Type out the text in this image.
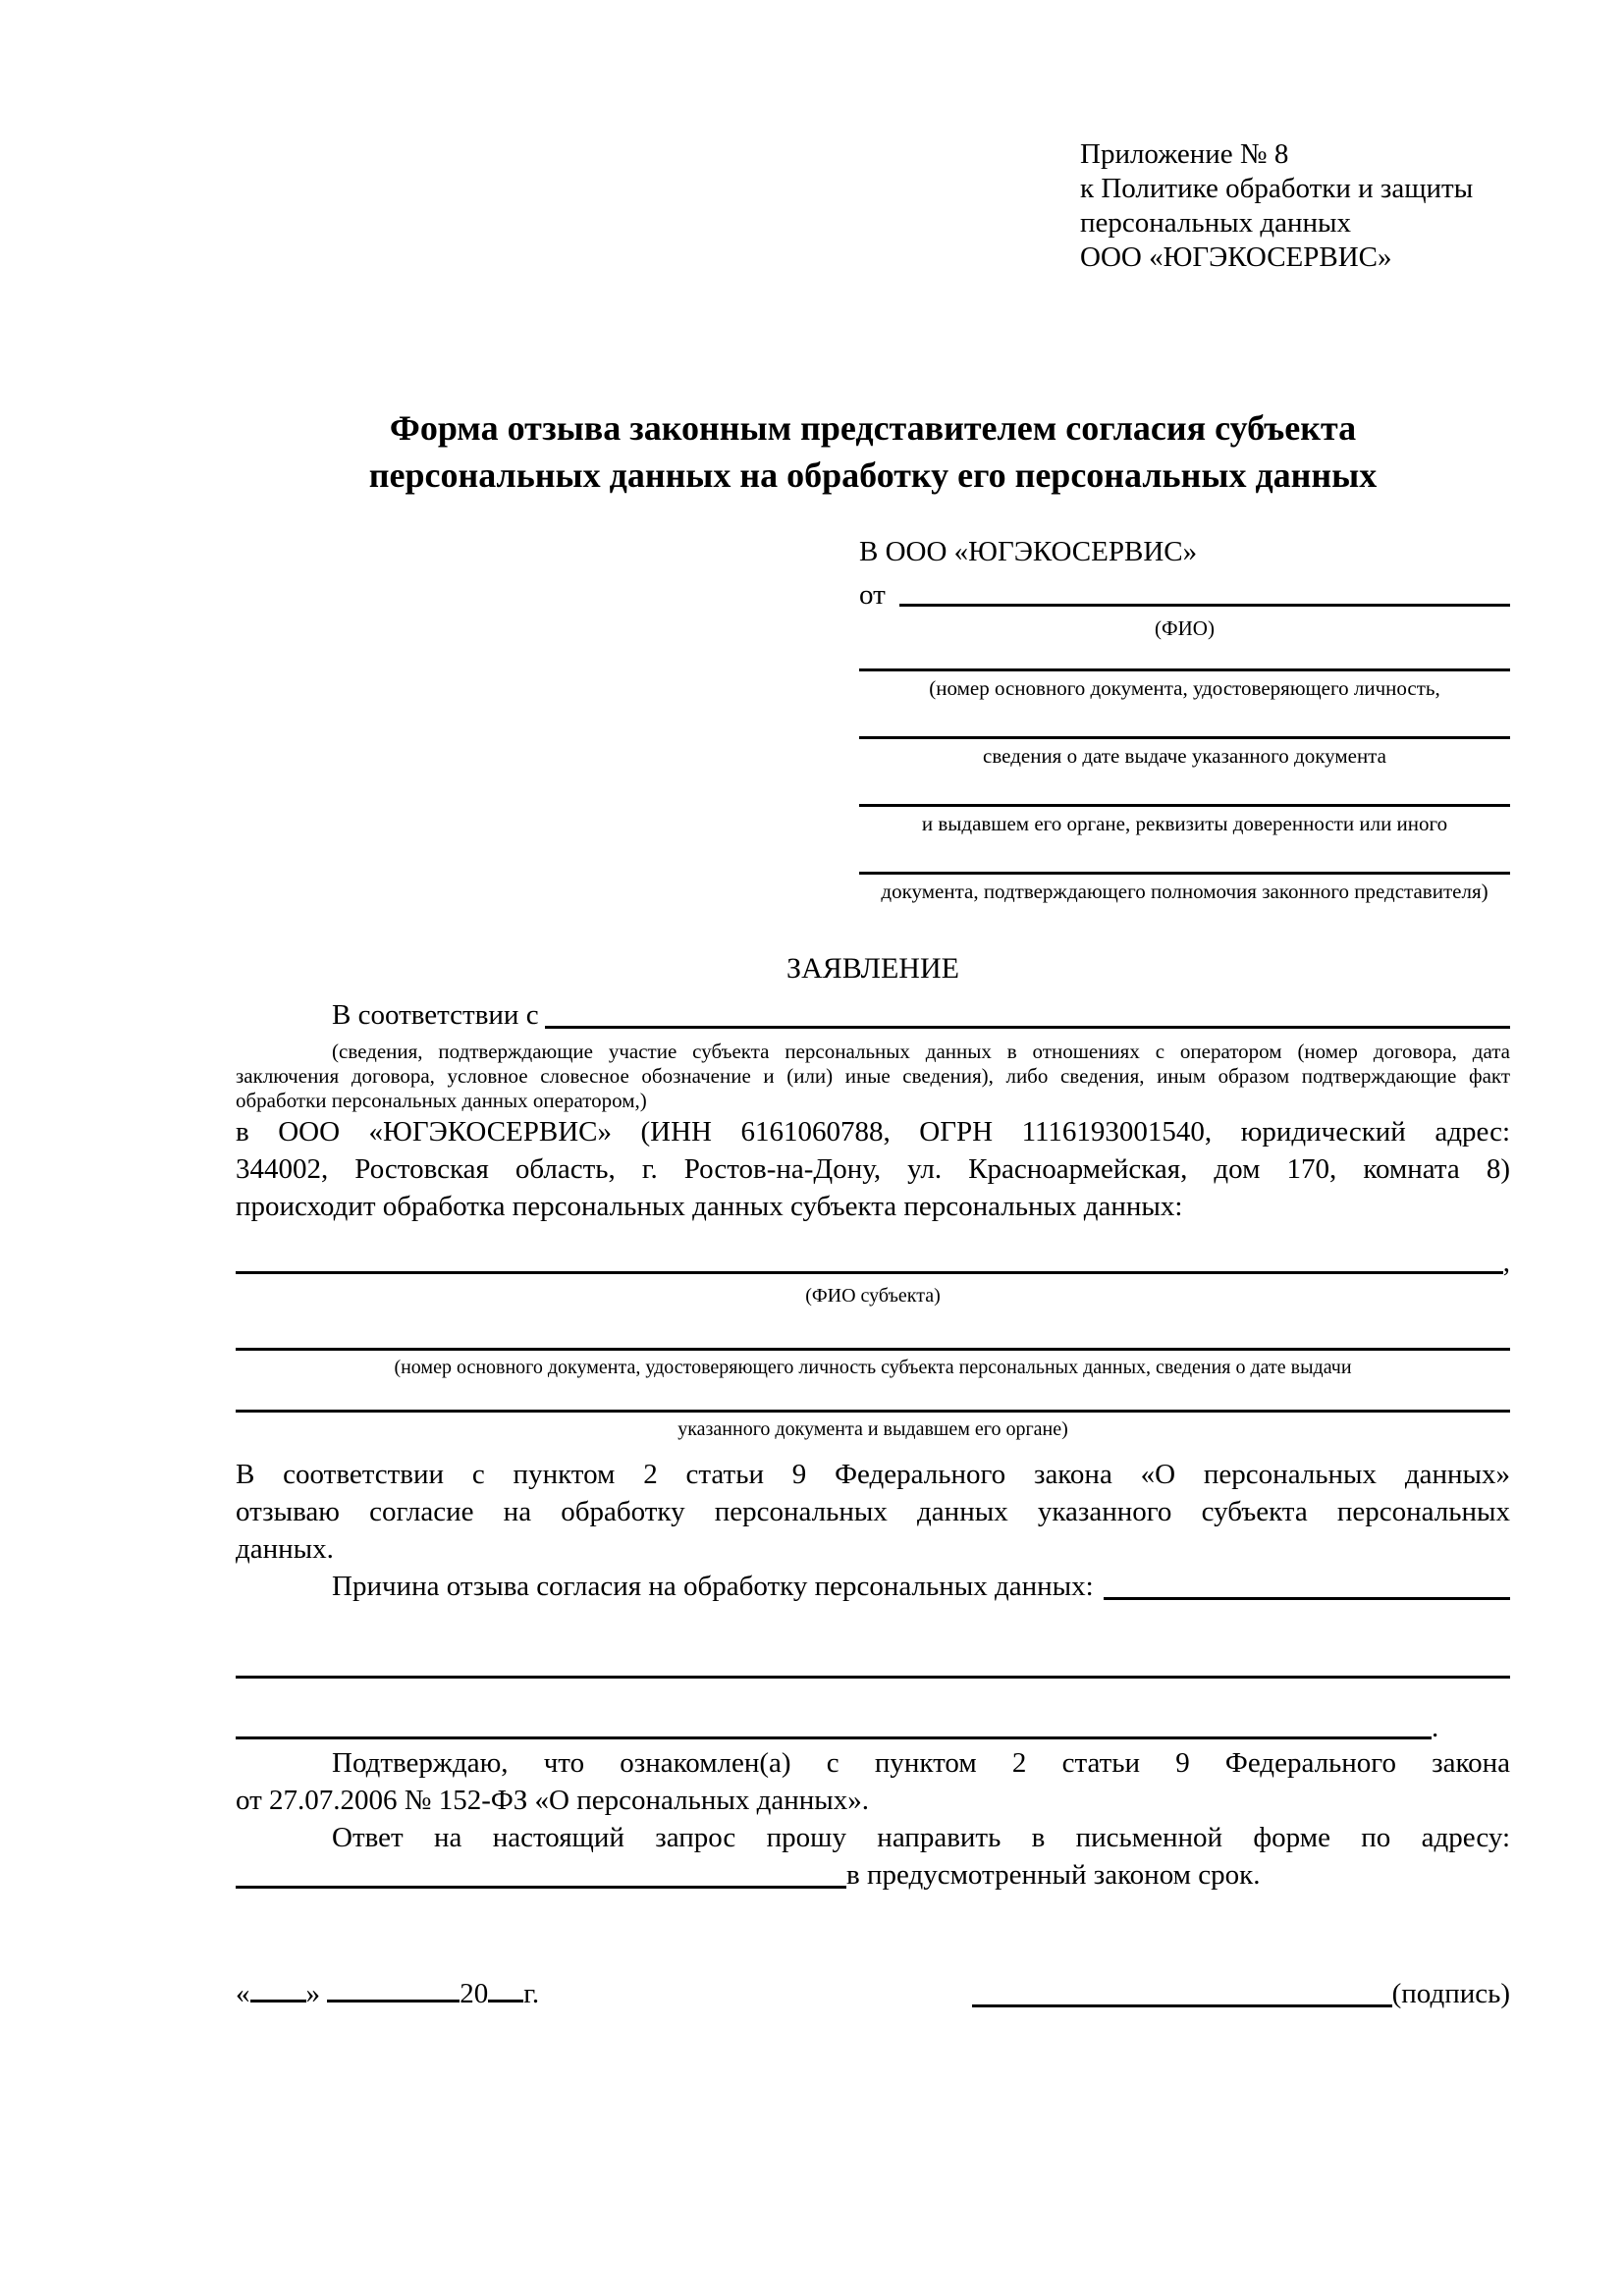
Приложение № 8
к Политике обработки и защиты
персональных данных
ООО «ЮГЭКОСЕРВИС»
Форма отзыва законным представителем согласия субъекта
персональных данных на обработку его персональных данных
В ООО «ЮГЭКОСЕРВИС»
от
(ФИО)
(номер основного документа, удостоверяющего личность,
сведения о дате выдаче указанного документа
и выдавшем его органе, реквизиты доверенности или иного
документа, подтверждающего полномочия законного представителя)
ЗАЯВЛЕНИЕ
В соответствии с
(сведения, подтверждающие участие субъекта персональных данных в отношениях с оператором (номер договора, дата
заключения договора, условное словесное обозначение и (или) иные сведения), либо сведения, иным образом подтверждающие факт
обработки персональных данных оператором,)
в ООО «ЮГЭКОСЕРВИС» (ИНН 6161060788, ОГРН 1116193001540, юридический адрес:
344002, Ростовская область, г. Ростов-на-Дону, ул. Красноармейская, дом 170, комната 8)
происходит обработка персональных данных субъекта персональных данных:
,
(ФИО субъекта)
(номер основного документа, удостоверяющего личность субъекта персональных данных, сведения о дате выдачи
указанного документа и выдавшем его органе)
В соответствии с пунктом 2 статьи 9 Федерального закона «О персональных данных»
отзываю согласие на обработку персональных данных указанного субъекта персональных
данных.
Причина отзыва согласия на обработку персональных данных:
.
Подтверждаю, что ознакомлен(а) с пунктом 2 статьи 9 Федерального закона
от 27.07.2006 № 152-ФЗ «О персональных данных».
Ответ на настоящий запрос прошу направить в письменной форме по адресу:
в предусмотренный законом срок.
« »	20 г.	(подпись)
